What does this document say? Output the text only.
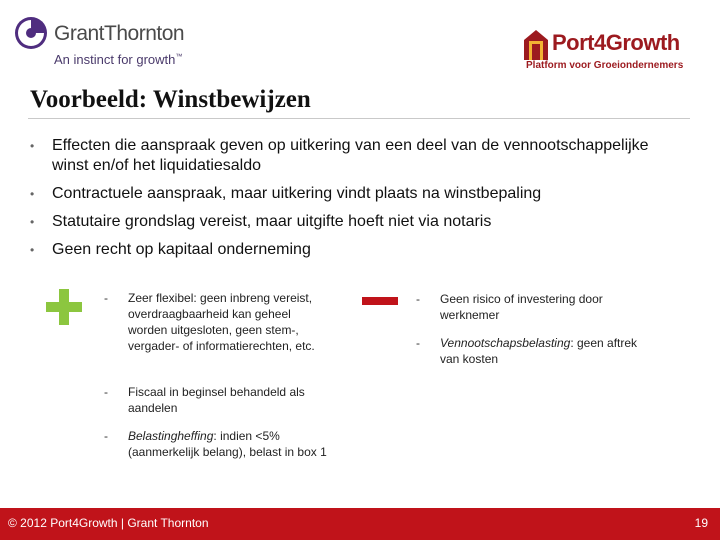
GrantThornton
An instinct for growth™
Port4Growth
Platform voor Groeiondernemers
Voorbeeld: Winstbewijzen
• Effecten die aanspraak geven op uitkering van een deel van de vennootschappelijke winst en/of het liquidatiesaldo
• Contractuele aanspraak, maar uitkering vindt plaats na winstbepaling
• Statutaire grondslag vereist, maar uitgifte hoeft niet via notaris
• Geen recht op kapitaal onderneming
- Zeer flexibel: geen inbreng vereist, overdraagbaarheid kan geheel worden uitgesloten, geen stem-, vergader- of informatierechten, etc.
- Fiscaal in beginsel behandeld als aandelen
- Belastingheffing: indien <5% (aanmerkelijk belang), belast in box 1
- Geen risico of investering door werknemer
- Vennootschapsbelasting: geen aftrek van kosten
© 2012 Port4Growth | Grant Thornton	19
